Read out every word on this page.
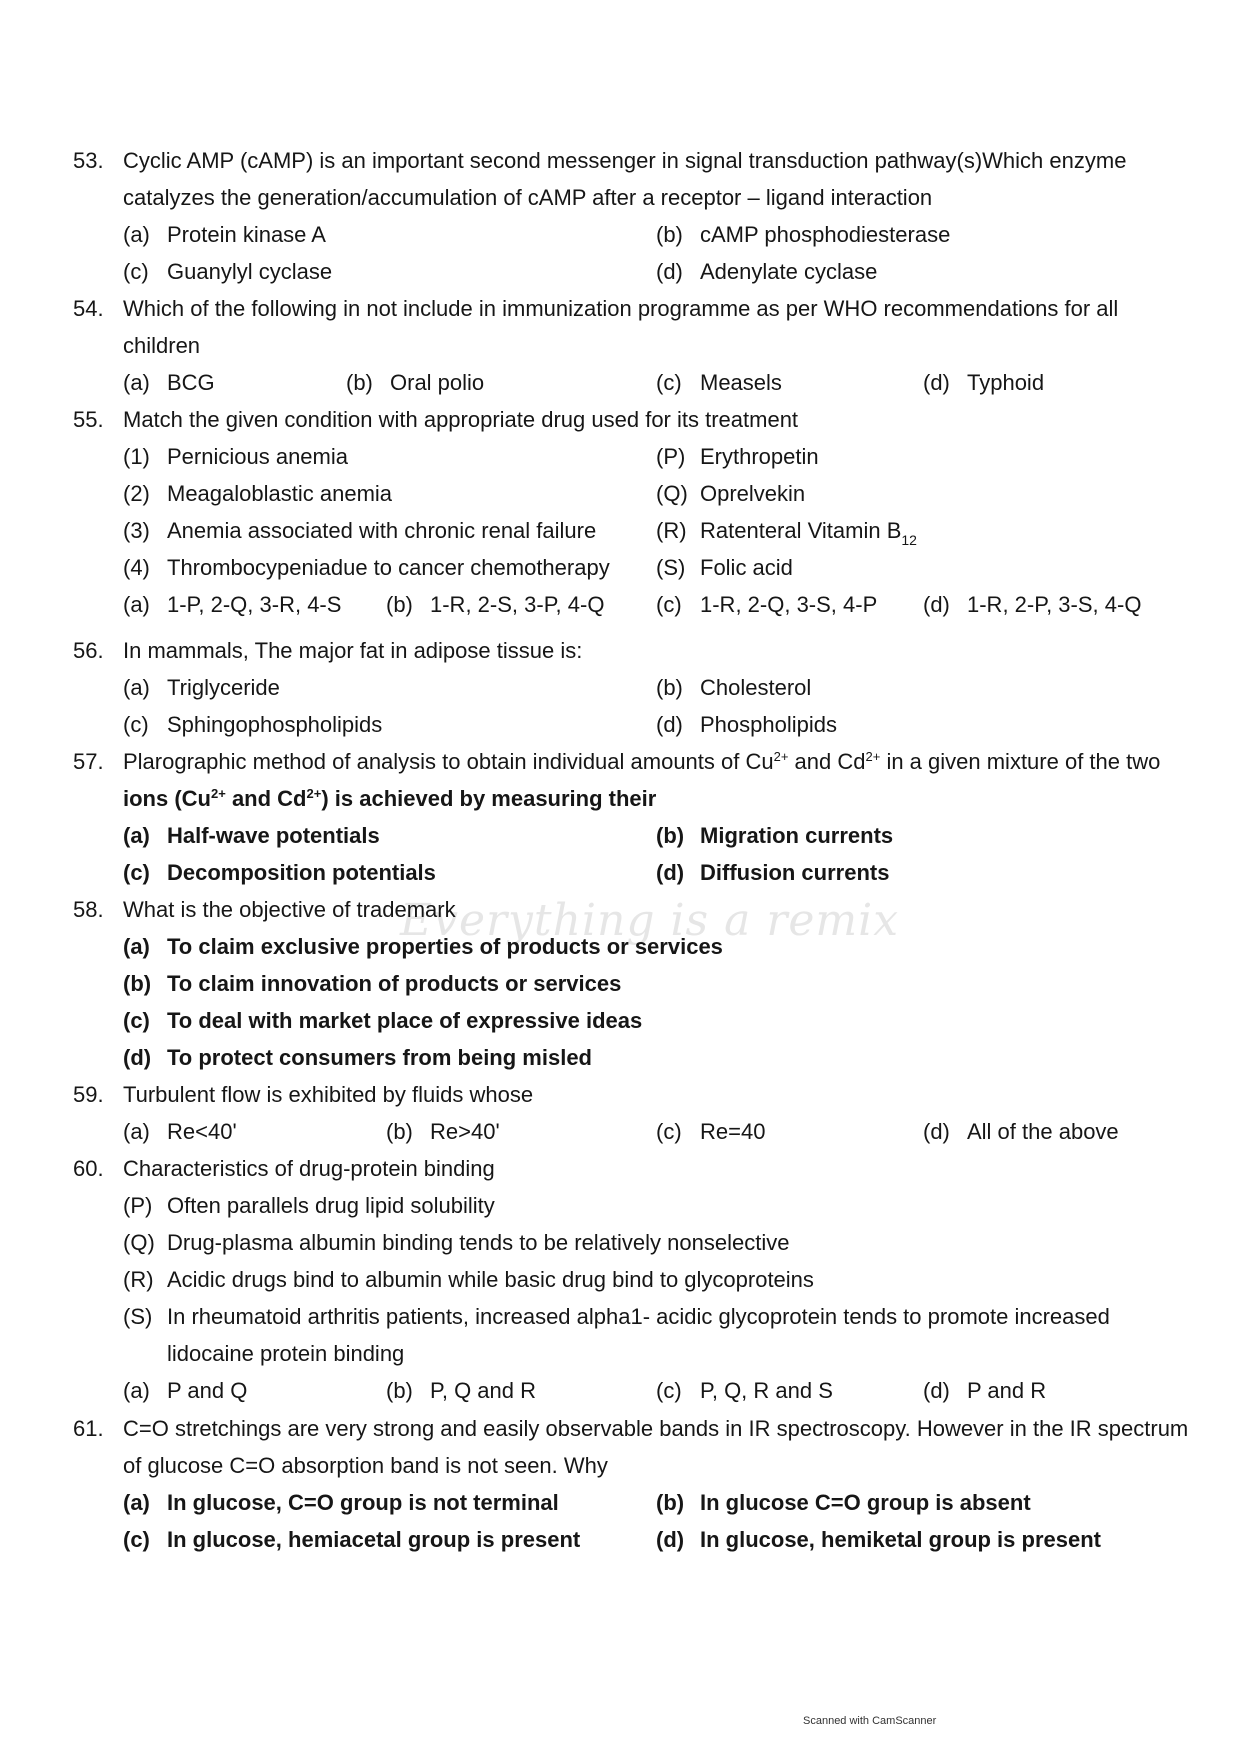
Everything is a remix
53. Cyclic AMP (cAMP) is an important second messenger in signal transduction pathway(s)Which enzyme
catalyzes the generation/accumulation of cAMP after a receptor – ligand interaction
(a) Protein kinase A	(b) cAMP phosphodiesterase
(c) Guanylyl cyclase	(d) Adenylate cyclase
54. Which of the following in not include in immunization programme as per WHO recommendations for all
children
(a) BCG	(b) Oral polio	(c) Measels	(d) Typhoid
55. Match the given condition with appropriate drug used for its treatment
(1) Pernicious anemia	(P) Erythropetin
(2) Meagaloblastic anemia	(Q) Oprelvekin
(3) Anemia associated with chronic renal failure	(R) Ratenteral Vitamin $B_{12}$
(4) Thrombocypeniadue to cancer chemotherapy (S) Folic acid
(a) 1-P, 2-Q, 3-R, 4-S (b) 1-R, 2-S, 3-P, 4-Q (c) 1-R, 2-Q, 3-S, 4-P (d) 1-R, 2-P, 3-S, 4-Q
56. In mammals, The major fat in adipose tissue is:
(a) Triglyceride	(b) Cholesterol
(c) Sphingophospholipids	(d) Phospholipids
57. Plarographic method of analysis to obtain individual amounts of $Cu^{2+}$ and $Cd^{2+}$ in a given mixture of the two
ions ($Cu^{2+}$ and $Cd^{2+}$) is achieved by measuring their
(a) Half-wave potentials	(b) Migration currents
(c) Decomposition potentials	(d) Diffusion currents
58. What is the objective of trademark
(a) To claim exclusive properties of products or services
(b) To claim innovation of products or services
(c) To deal with market place of expressive ideas
(d) To protect consumers from being misled
59. Turbulent flow is exhibited by fluids whose
(a) Re<40'	(b) Re>40'	(c) Re=40	(d) All of the above
60. Characteristics of drug-protein binding
(P) Often parallels drug lipid solubility
(Q) Drug-plasma albumin binding tends to be relatively nonselective
(R) Acidic drugs bind to albumin while basic drug bind to glycoproteins
(S) In rheumatoid arthritis patients, increased alpha1- acidic glycoprotein tends to promote increased
lidocaine protein binding
(a) P and Q	(b) P, Q and R	(c) P, Q, R and S	(d) P and R
61. C=O stretchings are very strong and easily observable bands in IR spectroscopy. However in the IR spectrum
of glucose C=O absorption band is not seen. Why
(a) In glucose, C=O group is not terminal	(b) In glucose C=O group is absent
(c) In glucose, hemiacetal group is present	(d) In glucose, hemiketal group is present
Scanned with CamScanner
